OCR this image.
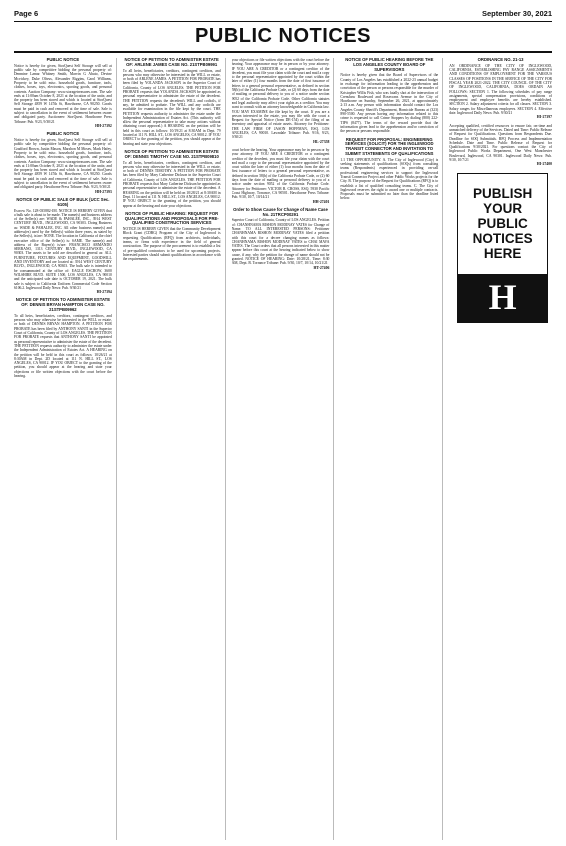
Page 6	September 30, 2021
PUBLIC NOTICES
PUBLIC NOTICE
Notice is hereby for given, StorQuest Self Storage will sell at public sale by competitive bidding the personal property of: Denmine Lamar Whitney Smith, Marvin G Abuto, Devine Mcvickey, Duke Olivus, Alexander Riggins, Carol Williams. Property to be sold: misc. household goods, furniture, tools, clothes, boxes, toys, electronics, sporting goods, and personal contents. Auction Company: www.storagetreasures.com. The sale ends at 11:00am October 8, 2021 at the location of the units; and the property has been stored and which is located at StorQuest Self Storage 4859 W 147th St, Hawthorne, CA 90250. Goods must be paid in cash and removed at the time of sale. Sale is subject to cancellation in the event of settlement between owner and obligated party. Auctioneer: StorQuest. Hawthorne Press Tribune: Pub. 9/23, 9/30/21
HH-27392
PUBLIC NOTICE
Notice is hereby for given, StorQuest Self Storage will sell at public sale by competitive bidding the personal property of: Gradford Brown, Justin Mason, Marshon M Moses, Mark Hafey. Property to be sold: misc. household goods, furniture, tools, clothes, boxes, toys, electronics, sporting goods, and personal contents. Auction Company: www.storagetreasures.com. The sale ends at 11:00am October 8, 2021 at the location of the units; and the property has been stored and which is located at StorQuest Self Storage 4859 W 147th St, Hawthorne, CA 90250. Goods must be paid in cash and removed at the time of sale. Sale is subject to cancellation in the event of settlement between owner and obligated party. Hawthorne Press Tribune: Pub. 9/23, 9/30/21
HH-27393
NOTICE OF PUBLIC SALE OF BULK (UCC Sec. 6105)
Escrow No. 128-035882-JM. NOTICE IS HEREBY GIVEN that a bulk sale is about to be made. The name(s) and business address of the Seller(s) are: WADE & PAHALEE, INC., 3914 WEST CENTURY BLVD., INGLEWOOD, CA 90303. Doing Business as: WADE & PAHALEE, INC. All other business name(s) and address(es) used by the Seller(s) within three years, as stated by the Seller(s), is/are: NONE. The location in California of the chief executive office of the Seller(s) is: SAME. The name(s) and address of the Buyer(s) is/are: FRANCISCO ARMANDO SERRANO, 1313 CENTURY BLVD., INGLEWOOD, CA 90303. The assets to be sold are described in general as: ALL FURNITURE, FIXTURES AND EQUIPMENT, GOODWILL AND INVENTORY and are located at: 3914 WEST CENTURY BLVD., INGLEWOOD, CA 90303. The bulk sale is intended to be consummated at the office of: EAGLE ESCROW, 3600 WILSHIRE BLVD. SUITE 1500, LOS ANGELES, CA 90010 and the anticipated sale date is OCTOBER 19, 2021. The bulk sale is subject to California Uniform Commercial Code Section 6106.2. Inglewood Daily News: Pub. 9/30/21
HI-27394
NOTICE OF PETITION TO ADMINISTER ESTATE OF: DENNIS BRYAN HAMPTON CASE NO. 21STPB09962
To all heirs, beneficiaries, creditors, contingent creditors, and persons who may otherwise be interested in the WILL or estate, or both of DENNIS BRYAN HAMPTON. A PETITION FOR PROBATE has been filed by ANTHONY SANTI in the Superior Court of California, County of LOS ANGELES. THE PETITION FOR PROBATE requests that ANTHONY SANTI be appointed as personal representative to administer the estate of the decedent. THE PETITION requests authority to administer the estate under the Independent Administration of Estates Act. A HEARING on the petition will be held in this court as follows: 10/26/21 at 8:30AM in Dept. 2D located at 111 N. HILL ST., LOS ANGELES, CA 90012. IF YOU OBJECT to the granting of the petition, you should appear at the hearing and state your objections or file written objections with the court before the hearing.
NOTICE OF PETITION TO ADMINISTER ESTATE OF: ARLENE JAMES CASE NO. 21STPB09991
To all heirs, beneficiaries, creditors, contingent creditors, and persons who may otherwise be interested in the WILL or estate, or both of ARLENE JAMES. A PETITION FOR PROBATE has been filed by YOLANDA JACKSON in the Superior Court of California, County of LOS ANGELES. THE PETITION FOR PROBATE requests that YOLANDA JACKSON be appointed as personal representative to administer the estate of the decedent. THE PETITION requests the decedent's WILL and codicils, if any, be admitted to probate. The WILL and any codicils are available for examination in the file kept by the court. THE PETITION requests authority to administer the estate under the Independent Administration of Estates Act. (This authority will allow the personal representative to take many actions without obtaining court approval.) A HEARING on the petition will be held in this court as follows: 10/19/21 at 8:30AM in Dept. 79 located at 111 N. HILL ST., LOS ANGELES, CA 90012. IF YOU OBJECT to the granting of the petition, you should appear at the hearing and state your objections.
NOTICE OF PETITION TO ADMINISTER ESTATE OF: DENNIS TIMOTHY CASE NO. 21STPB09810
To all heirs, beneficiaries, creditors, contingent creditors, and persons who may otherwise be interested in the WILL or estate, or both of DENNIS TIMOTHY. A PETITION FOR PROBATE has been filed by Mary Catherine Dickson in the Superior Court of California, County of LOS ANGELES. THE PETITION FOR PROBATE requests that Mary Catherine Dickson be appointed as personal representative to administer the estate of the decedent. A HEARING on the petition will be held on 10/28/21 at 8:30AM in Dept. 11 located at 111 N. HILL ST., LOS ANGELES, CA 90012. IF YOU OBJECT to the granting of the petition, you should appear at the hearing and state your objections.
NOTICE OF PUBLIC HEARING: REQUEST FOR QUALIFICATIONS AND PROPOSALS FOR PRE-QUALIFIED CONSTRUCTION SERVICES
NOTICE IS HEREBY GIVEN that the Community Development Block Grant (CDBG) Program of the City of Inglewood is requesting Qualifications (RFQ) from architects, individuals, teams, or firms with experience in the field of general construction. The purpose of the procurement is to establish a list of pre-qualified contractors to be used for upcoming projects. Interested parties should submit qualifications in accordance with the requirements.
your objections or file written objections with the court before the hearing. Your appearance may be in person or by your attorney. IF YOU ARE A CREDITOR or a contingent creditor of the decedent, you must file your claim with the court and mail a copy to the personal representative appointed by the court within the later of either (1) four months from the date of first issuance of letters to a general personal representative, as defined in section 58(b) of the California Probate Code, or (2) 60 days from the date of mailing or personal delivery to you of a notice under section 9052 of the California Probate Code. Other California statutes and legal authority may affect your rights as a creditor. You may want to consult with an attorney knowledgeable in California law. YOU MAY EXAMINE the file kept by the court. If you are a person interested in the estate, you may file with the court a Request for Special Notice (form DE-154) of the filing of an inventory and appraisal of estate assets. Attorney for Petitioner: THE LAW FIRM OF JASON HOFFMAN, ESQ. LOS ANGELES, CA 90010. Lawndale Tribune: Pub. 9/16, 9/23, 9/30/21
HL-27358
court before the hearing. Your appearance may be in person or by your attorney. IF YOU ARE A CREDITOR or a contingent creditor of the decedent, you must file your claim with the court and mail a copy to the personal representative appointed by the court within the later of either (1) four months from the date of first issuance of letters to a general personal representative, as defined in section 58(b) of the California Probate Code, or (2) 60 days from the date of mailing or personal delivery to you of a notice under section 9052 of the California Probate Code. Attorney for Petitioner: VICTOR B. CROSS, ESQ. 5930 Pacific Coast Highway, Torrance, CA 90501. Hawthorne Press Tribune: Pub. 9/30, 10/7, 10/14/21
HH-27401
Order to Show Cause for Change of Name Case No. 21TRCP00291
Superior Court of California, County of LOS ANGELES. Petition of: CHANHNAMA RISHON MODINAY VATES for Change of Name. TO ALL INTERESTED PERSONS: Petitioner CHANHNAMA RISHON MODINAY VATES filed a petition with this court for a decree changing names as follows: CHANHNAMA RISHON MODINAY VATES to CHAI MAVA VATES. The Court orders that all persons interested in this matter appear before this court at the hearing indicated below to show cause, if any, why the petition for change of name should not be granted. NOTICE OF HEARING: Date: 10/28/21, Time: 8:30 AM, Dept. B. Torrance Tribune: Pub. 9/30, 10/7, 10/14, 10/21/21
HT-27406
NOTICE OF PUBLIC HEARING BEFORE THE LOS ANGELES COUNTY BOARD OF SUPERVISORS
Notice is hereby given that the Board of Supervisors of the County of Los Angeles has established a 2022-23 annual budget in exchange for information leading to the apprehension and conviction of the person or persons responsible for the murder of Kristopher Willis Fish, who was fatally shot at the intersection of Crenshaw Boulevard and Rosecrans Avenue in the City of Hawthorne on Sunday, September 26, 2021, at approximately 2:13 a.m. Any person with information should contact the Los Angeles County Sheriff's Department, Homicide Bureau at (323) 890-5500. Any person having any information related to this crime is requested to call Crime Stoppers by dialing (800) 222-TIPS (8477). The terms of the reward provide that the information given lead to the apprehension and/or conviction of the person or persons responsible.
REQUEST FOR PROPOSAL: ENGINEERING SERVICES (SOLICIT) FOR THE INGLEWOOD TRANSIT CONNECTOR AND INVITATION TO SUBMIT STATEMENTS OF QUALIFICATIONS
1.1 THE OPPORTUNITY. A. The City of Inglewood (City) is seeking statements of qualifications (SOQs) from consulting teams (Respondents) experienced in providing on-call professional engineering services to support the Inglewood Transit Connector Project and other Public Works projects for the City. B. The purpose of the Request for Qualifications (RFQ) is to establish a list of qualified consulting teams. C. The City of Inglewood reserves the right to award one or multiple contracts. Proposals must be submitted no later than the deadline listed below.
ORDINANCE NO. 21-13
AN ORDINANCE OF THE CITY OF INGLEWOOD, CALIFORNIA, ESTABLISHING PAY RANGE ASSIGNMENTS AND CONDITIONS OF EMPLOYMENT FOR THE VARIOUS CLASSES OF POSITIONS IN THE SERVICE OF THE CITY FOR FISCAL YEAR 2021-2022. THE CITY COUNCIL OF THE CITY OF INGLEWOOD, CALIFORNIA, DOES ORDAIN AS FOLLOWS: SECTION 1. The following schedules of pay range assignments, special compensation provisions, conditions of employment and employee benefits are hereby established. SECTION 2. Salary adjustment criteria for all classes. SECTION 3. Salary ranges for Miscellaneous employees. SECTION 4. Effective date. Inglewood Daily News: Pub. 9/30/21
HI-27397
Accepting qualified, certified resources to ensure fair, on-time and unmatched delivery of the Services. Dated and Time: Public Release of Request for Qualifications. Questions from Respondents Due. Deadline for SOQ Submittals. RFQ Process and Implementation Schedule. Date and Time. Public Release of Request for Qualifications 9/30/2021. For questions contact the City of Inglewood Public Works Department, One West Manchester Boulevard, Inglewood, CA 90301. Inglewood Daily News: Pub. 9/30, 10/7/21
HI-27400
PUBLISH
YOUR
PUBLIC
NOTICES
HERE
H
